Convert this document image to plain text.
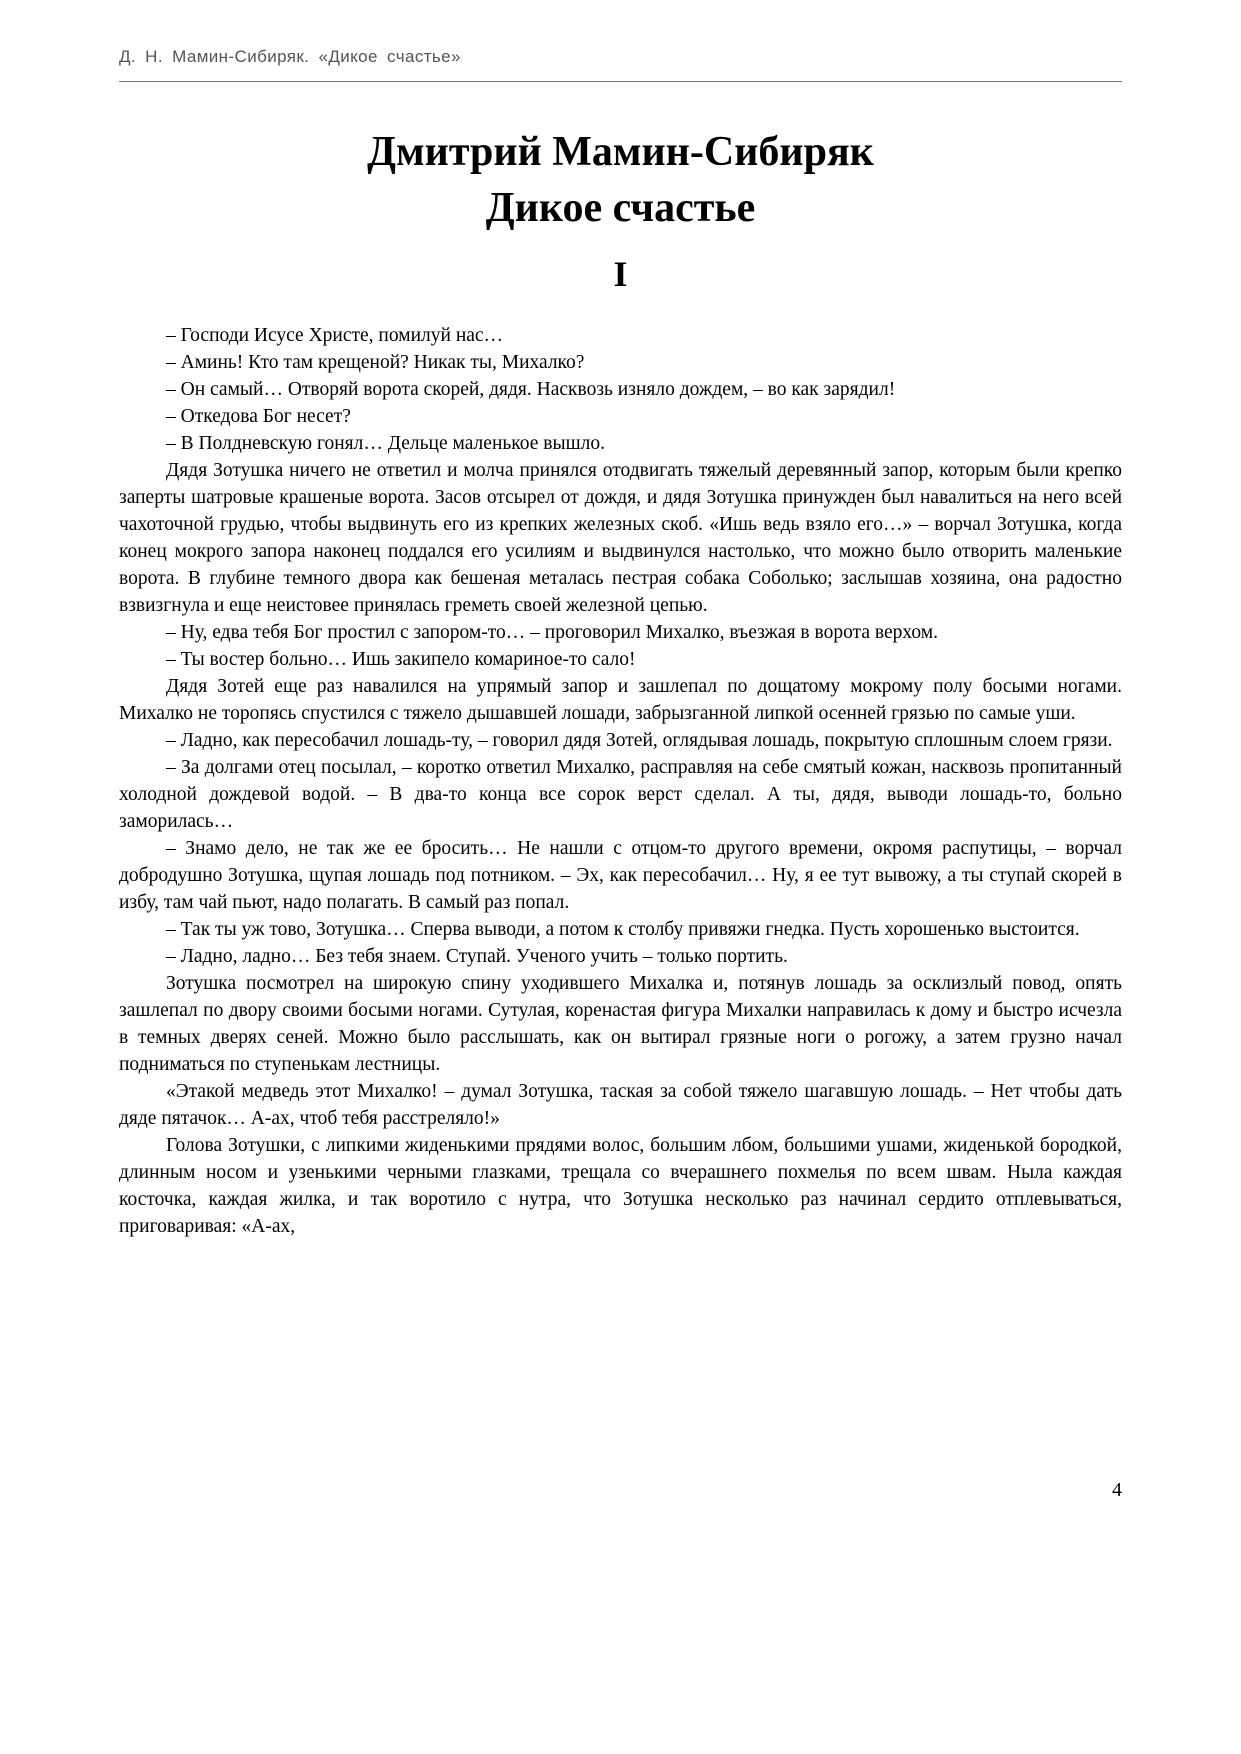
Д. Н. Мамин-Сибиряк. «Дикое счастье»
Дмитрий Мамин-Сибиряк
Дикое счастье
I

– Господи Исусе Христе, помилуй нас…

– Аминь! Кто там крещеной? Никак ты, Михалко?

– Он самый… Отворяй ворота скорей, дядя. Насквозь изняло дождем, – во как зарядил!

– Откедова Бог несет?

– В Полдневскую гонял… Дельце маленькое вышло.

Дядя Зотушка ничего не ответил и молча принялся отодвигать тяжелый деревянный запор, которым были крепко заперты шатровые крашеные ворота. Засов отсырел от дождя, и дядя Зотушка принужден был навалиться на него всей чахоточной грудью, чтобы выдвинуть его из крепких железных скоб. «Ишь ведь взяло его…» – ворчал Зотушка, когда конец мокрого запора наконец поддался его усилиям и выдвинулся настолько, что можно было отворить маленькие ворота. В глубине темного двора как бешеная металась пестрая собака Соболько; заслышав хозяина, она радостно взвизгнула и еще неистовее принялась греметь своей железной цепью.

– Ну, едва тебя Бог простил с запором-то… – проговорил Михалко, въезжая в ворота верхом.

– Ты востер больно… Ишь закипело комариное-то сало!

Дядя Зотей еще раз навалился на упрямый запор и зашлепал по дощатому мокрому полу босыми ногами. Михалко не торопясь спустился с тяжело дышавшей лошади, забрызганной липкой осенней грязью по самые уши.

– Ладно, как пересобачил лошадь-ту, – говорил дядя Зотей, оглядывая лошадь, покрытую сплошным слоем грязи.

– За долгами отец посылал, – коротко ответил Михалко, расправляя на себе смятый кожан, насквозь пропитанный холодной дождевой водой. – В два-то конца все сорок верст сделал. А ты, дядя, выводи лошадь-то, больно заморилась…

– Знамо дело, не так же ее бросить… Не нашли с отцом-то другого времени, окромя распутицы, – ворчал добродушно Зотушка, щупая лошадь под потником. – Эх, как пересобачил… Ну, я ее тут вывожу, а ты ступай скорей в избу, там чай пьют, надо полагать. В самый раз попал.

– Так ты уж тово, Зотушка… Сперва выводи, а потом к столбу привяжи гнедка. Пусть хорошенько выстоится.

– Ладно, ладно… Без тебя знаем. Ступай. Ученого учить – только портить.

Зотушка посмотрел на широкую спину уходившего Михалка и, потянув лошадь за осклизлый повод, опять зашлепал по двору своими босыми ногами. Сутулая, коренастая фигура Михалки направилась к дому и быстро исчезла в темных дверях сеней. Можно было расслышать, как он вытирал грязные ноги о рогожу, а затем грузно начал подниматься по ступенькам лестницы.

«Этакой медведь этот Михалко! – думал Зотушка, таская за собой тяжело шагавшую лошадь. – Нет чтобы дать дяде пятачок… А-ах, чтоб тебя расстреляло!»

Голова Зотушки, с липкими жиденькими прядями волос, большим лбом, большими ушами, жиденькой бородкой, длинным носом и узенькими черными глазками, трещала со вчерашнего похмелья по всем швам. Ныла каждая косточка, каждая жилка, и так воротило с нутра, что Зотушка несколько раз начинал сердито отплевываться, приговаривая: «А-ах,

4
